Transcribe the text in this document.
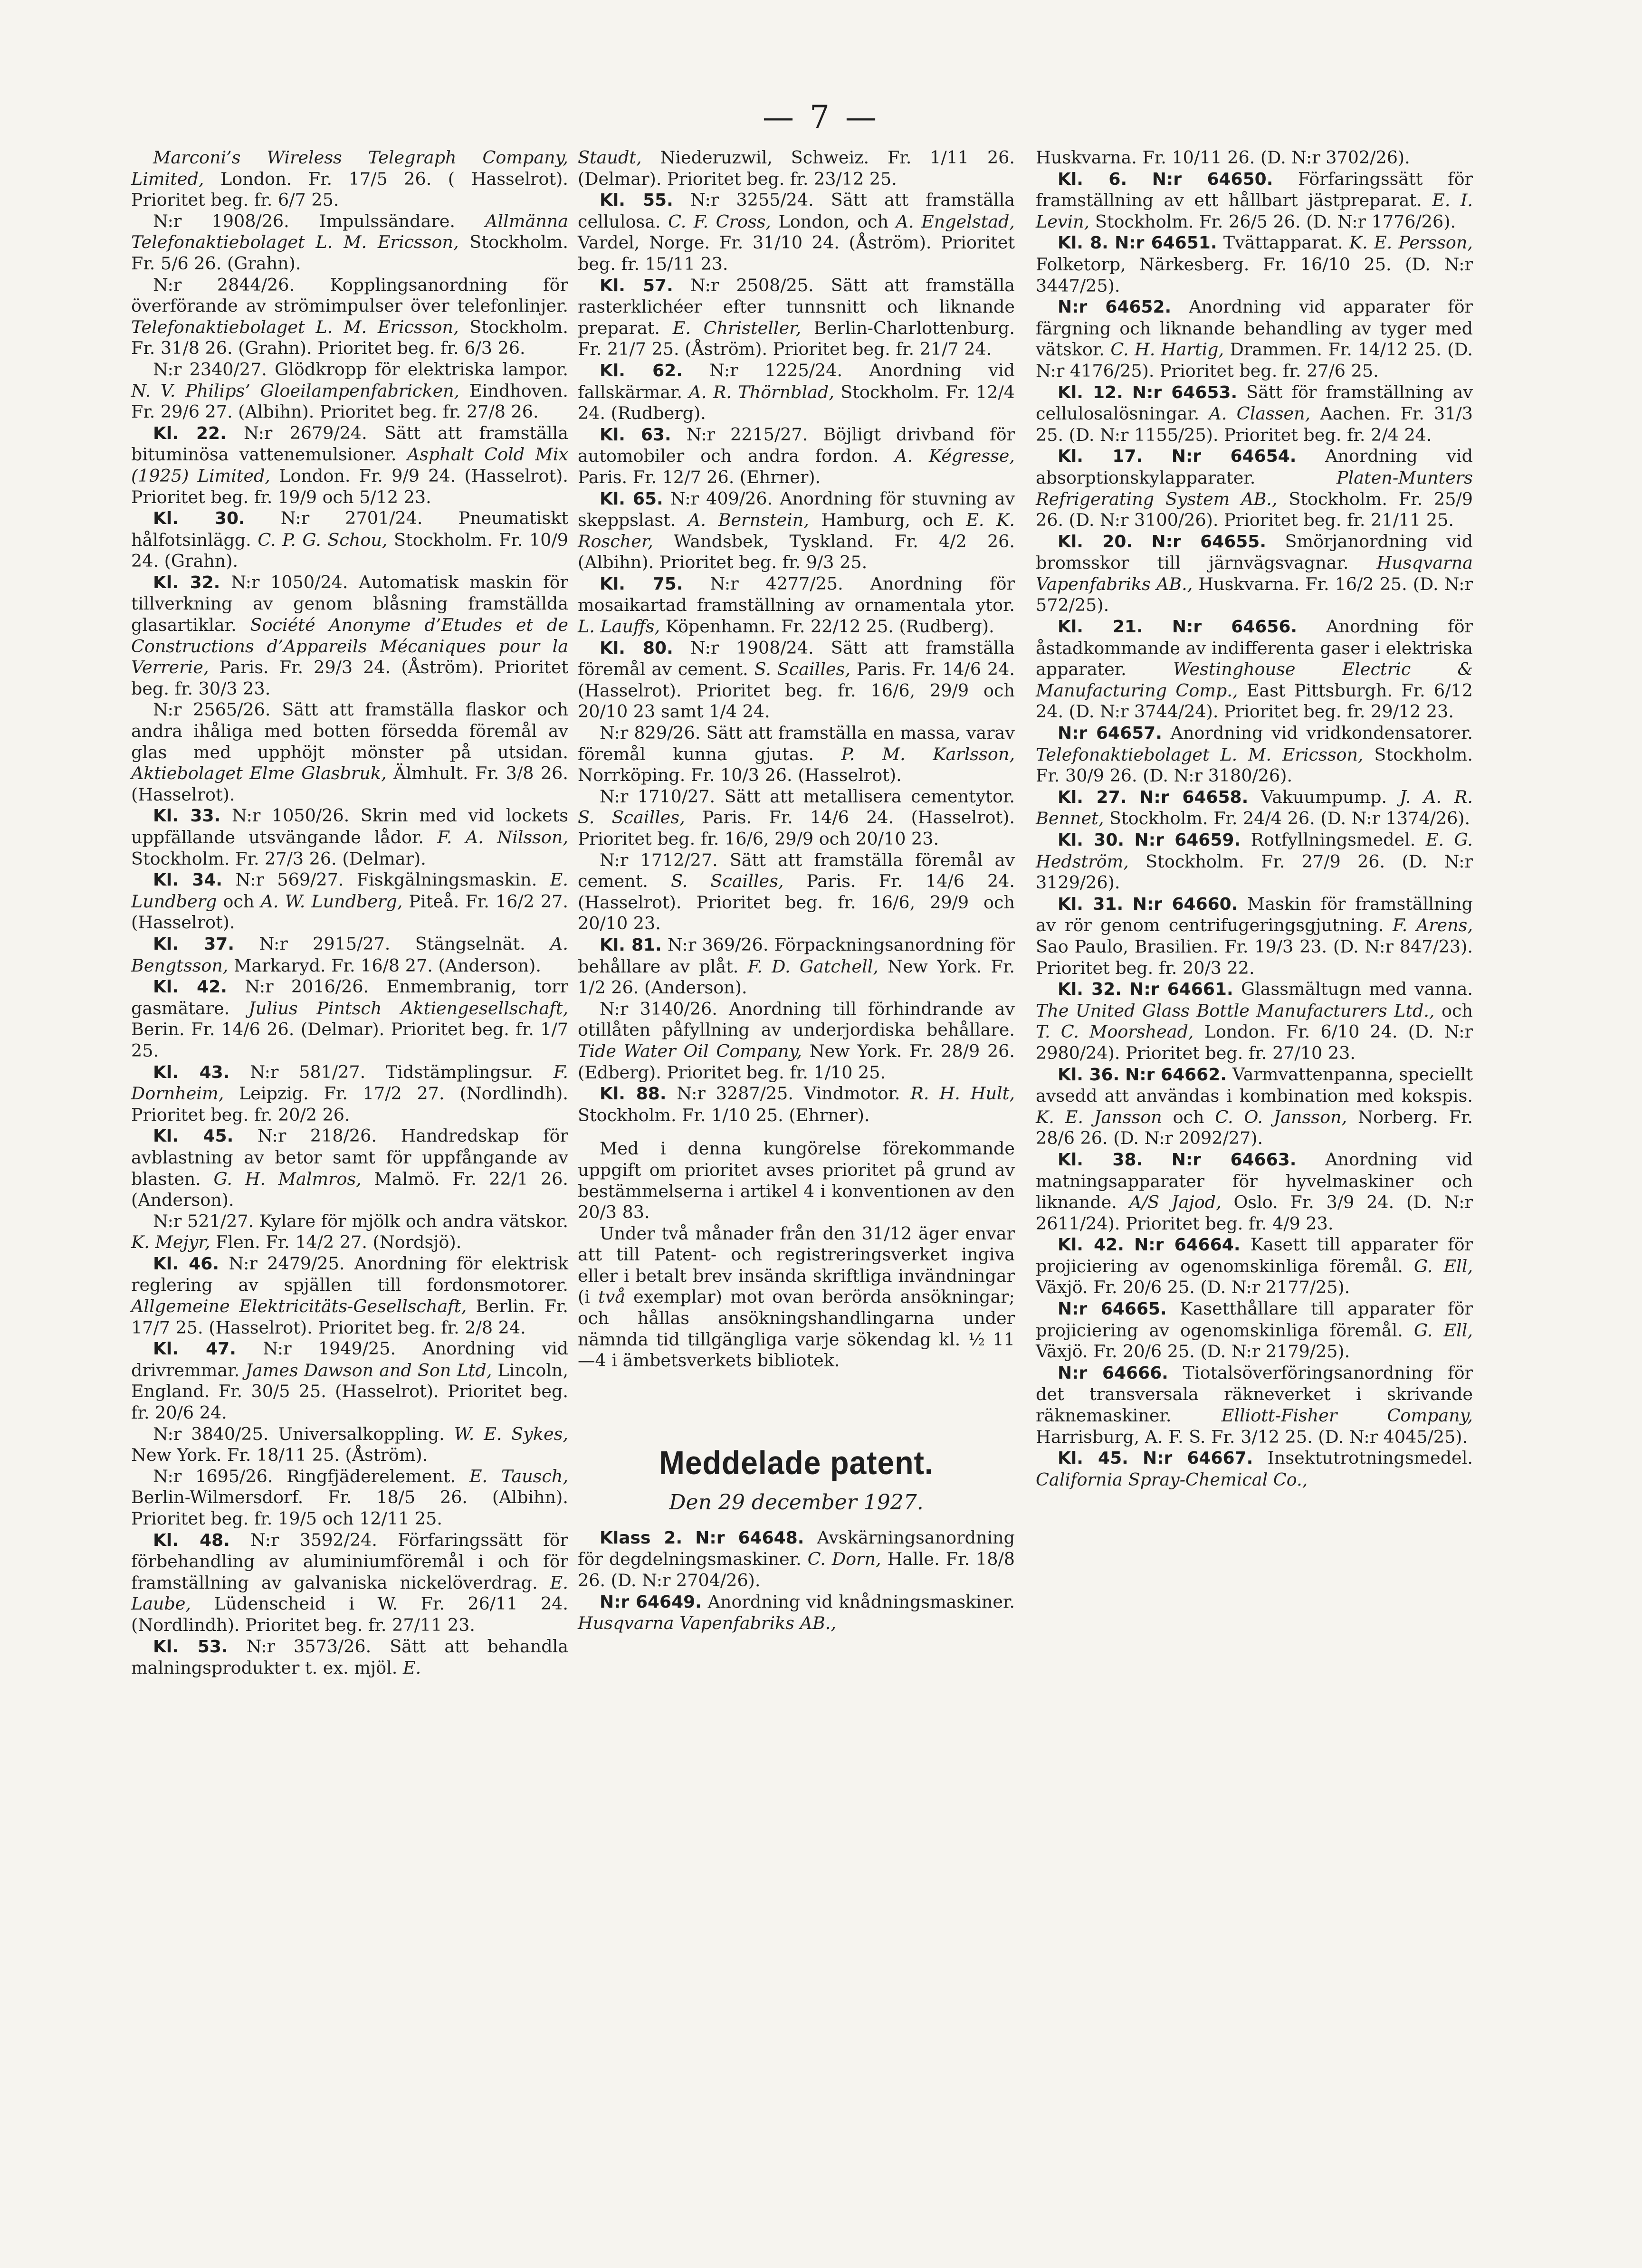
— 7 —

Marconi’s Wireless Telegraph Company, Limited, London. Fr. 17/5 26. ( Hasselrot). Prioritet beg. fr. 6/7 25.

N:r 1908/26. Impulssändare. Allmänna Telefonaktiebolaget L. M. Ericsson, Stockholm. Fr. 5/6 26. (Grahn).

N:r 2844/26. Kopplingsanordning för överförande av strömimpulser över telefonlinjer. Telefonaktiebolaget L. M. Ericsson, Stockholm. Fr. 31/8 26. (Grahn). Prioritet beg. fr. 6/3 26.

N:r 2340/27. Glödkropp för elektriska lampor. N. V. Philips’ Gloeilampenfabricken, Eindhoven. Fr. 29/6 27. (Albihn). Prioritet beg. fr. 27/8 26.

Kl. 22. N:r 2679/24. Sätt att framställa bituminösa vattenemulsioner. Asphalt Cold Mix (1925) Limited, London. Fr. 9/9 24. (Hasselrot). Prioritet beg. fr. 19/9 och 5/12 23.

Kl. 30. N:r 2701/24. Pneumatiskt hålfotsinlägg. C. P. G. Schou, Stockholm. Fr. 10/9 24. (Grahn).

Kl. 32. N:r 1050/24. Automatisk maskin för tillverkning av genom blåsning framställda glasartiklar. Société Anonyme d’Etudes et de Constructions d’Appareils Mécaniques pour la Verrerie, Paris. Fr. 29/3 24. (Åström). Prioritet beg. fr. 30/3 23.

N:r 2565/26. Sätt att framställa flaskor och andra ihåliga med botten försedda föremål av glas med upphöjt mönster på utsidan. Aktiebolaget Elme Glasbruk, Älmhult. Fr. 3/8 26. (Hasselrot).

Kl. 33. N:r 1050/26. Skrin med vid lockets uppfällande utsvängande lådor. F. A. Nilsson, Stockholm. Fr. 27/3 26. (Delmar).

Kl. 34. N:r 569/27. Fiskgälningsmaskin. E. Lundberg och A. W. Lundberg, Piteå. Fr. 16/2 27. (Hasselrot).

Kl. 37. N:r 2915/27. Stängselnät. A. Bengtsson, Markaryd. Fr. 16/8 27. (Anderson).

Kl. 42. N:r 2016/26. Enmembranig, torr gasmätare. Julius Pintsch Aktiengesellschaft, Berin. Fr. 14/6 26. (Delmar). Prioritet beg. fr. 1/7 25.

Kl. 43. N:r 581/27. Tidstämplingsur. F. Dornheim, Leipzig. Fr. 17/2 27. (Nordlindh). Prioritet beg. fr. 20/2 26.

Kl. 45. N:r 218/26. Handredskap för avblastning av betor samt för uppfångande av blasten. G. H. Malmros, Malmö. Fr. 22/1 26. (Anderson).

N:r 521/27. Kylare för mjölk och andra vätskor. K. Mejyr, Flen. Fr. 14/2 27. (Nordsjö).

Kl. 46. N:r 2479/25. Anordning för elektrisk reglering av spjällen till fordonsmotorer. Allgemeine Elektricitäts-Gesellschaft, Berlin. Fr. 17/7 25. (Hasselrot). Prioritet beg. fr. 2/8 24.

Kl. 47. N:r 1949/25. Anordning vid drivremmar. James Dawson and Son Ltd, Lincoln, England. Fr. 30/5 25. (Hasselrot). Prioritet beg. fr. 20/6 24.

N:r 3840/25. Universalkoppling. W. E. Sykes, New York. Fr. 18/11 25. (Åström).

N:r 1695/26. Ringfjäderelement. E. Tausch, Berlin-Wilmersdorf. Fr. 18/5 26. (Albihn). Prioritet beg. fr. 19/5 och 12/11 25.

Kl. 48. N:r 3592/24. Förfaringssätt för förbehandling av aluminiumföremål i och för framställning av galvaniska nickelöverdrag. E. Laube, Lüdenscheid i W. Fr. 26/11 24. (Nordlindh). Prioritet beg. fr. 27/11 23.

Kl. 53. N:r 3573/26. Sätt att behandla malningsprodukter t. ex. mjöl. E.

Staudt, Niederuzwil, Schweiz. Fr. 1/11 26. (Delmar). Prioritet beg. fr. 23/12 25.

Kl. 55. N:r 3255/24. Sätt att framställa cellulosa. C. F. Cross, London, och A. Engelstad, Vardel, Norge. Fr. 31/10 24. (Åström). Prioritet beg. fr. 15/11 23.

Kl. 57. N:r 2508/25. Sätt att framställa rasterklichéer efter tunnsnitt och liknande preparat. E. Christeller, Berlin-Charlottenburg. Fr. 21/7 25. (Åström). Prioritet beg. fr. 21/7 24.

Kl. 62. N:r 1225/24. Anordning vid fallskärmar. A. R. Thörnblad, Stockholm. Fr. 12/4 24. (Rudberg).

Kl. 63. N:r 2215/27. Böjligt drivband för automobiler och andra fordon. A. Kégresse, Paris. Fr. 12/7 26. (Ehrner).

Kl. 65. N:r 409/26. Anordning för stuvning av skeppslast. A. Bernstein, Hamburg, och E. K. Roscher, Wandsbek, Tyskland. Fr. 4/2 26. (Albihn). Prioritet beg. fr. 9/3 25.

Kl. 75. N:r 4277/25. Anordning för mosaikartad framställning av ornamentala ytor. L. Lauffs, Köpenhamn. Fr. 22/12 25. (Rudberg).

Kl. 80. N:r 1908/24. Sätt att framställa föremål av cement. S. Scailles, Paris. Fr. 14/6 24. (Hasselrot). Prioritet beg. fr. 16/6, 29/9 och 20/10 23 samt 1/4 24.

N:r 829/26. Sätt att framställa en massa, varav föremål kunna gjutas. P. M. Karlsson, Norrköping. Fr. 10/3 26. (Hasselrot).

N:r 1710/27. Sätt att metallisera cementytor. S. Scailles, Paris. Fr. 14/6 24. (Hasselrot). Prioritet beg. fr. 16/6, 29/9 och 20/10 23.

N:r 1712/27. Sätt att framställa föremål av cement. S. Scailles, Paris. Fr. 14/6 24. (Hasselrot). Prioritet beg. fr. 16/6, 29/9 och 20/10 23.

Kl. 81. N:r 369/26. Förpackningsanordning för behållare av plåt. F. D. Gatchell, New York. Fr. 1/2 26. (Anderson).

N:r 3140/26. Anordning till förhindrande av otillåten påfyllning av underjordiska behållare. Tide Water Oil Company, New York. Fr. 28/9 26. (Edberg). Prioritet beg. fr. 1/10 25.

Kl. 88. N:r 3287/25. Vindmotor. R. H. Hult, Stockholm. Fr. 1/10 25. (Ehrner).

Med i denna kungörelse förekommande uppgift om prioritet avses prioritet på grund av bestämmelserna i artikel 4 i konventionen av den 20/3 83.

Under två månader från den 31/12 äger envar att till Patent- och registreringsverket ingiva eller i betalt brev insända skriftliga invändningar (i två exemplar) mot ovan berörda ansökningar; och hållas ansökningshandlingarna under nämnda tid tillgängliga varje sökendag kl. ½ 11 —4 i ämbetsverkets bibliotek.

Meddelade patent.
Den 29 december 1927.

Klass 2. N:r 64648. Avskärningsanordning för degdelningsmaskiner. C. Dorn, Halle. Fr. 18/8 26. (D. N:r 2704/26).

N:r 64649. Anordning vid knådningsmaskiner. Husqvarna Vapenfabriks AB.,

Huskvarna. Fr. 10/11 26. (D. N:r 3702/26).

Kl. 6. N:r 64650. Förfaringssätt för framställning av ett hållbart jästpreparat. E. I. Levin, Stockholm. Fr. 26/5 26. (D. N:r 1776/26).

Kl. 8. N:r 64651. Tvättapparat. K. E. Persson, Folketorp, Närkesberg. Fr. 16/10 25. (D. N:r 3447/25).

N:r 64652. Anordning vid apparater för färgning och liknande behandling av tyger med vätskor. C. H. Hartig, Drammen. Fr. 14/12 25. (D. N:r 4176/25). Prioritet beg. fr. 27/6 25.

Kl. 12. N:r 64653. Sätt för framställning av cellulosalösningar. A. Classen, Aachen. Fr. 31/3 25. (D. N:r 1155/25). Prioritet beg. fr. 2/4 24.

Kl. 17. N:r 64654. Anordning vid absorptionskylapparater. Platen-Munters Refrigerating System AB., Stockholm. Fr. 25/9 26. (D. N:r 3100/26). Prioritet beg. fr. 21/11 25.

Kl. 20. N:r 64655. Smörjanordning vid bromsskor till järnvägsvagnar. Husqvarna Vapenfabriks AB., Huskvarna. Fr. 16/2 25. (D. N:r 572/25).

Kl. 21. N:r 64656. Anordning för åstadkommande av indifferenta gaser i elektriska apparater. Westinghouse Electric & Manufacturing Comp., East Pittsburgh. Fr. 6/12 24. (D. N:r 3744/24). Prioritet beg. fr. 29/12 23.

N:r 64657. Anordning vid vridkondensatorer. Telefonaktiebolaget L. M. Ericsson, Stockholm. Fr. 30/9 26. (D. N:r 3180/26).

Kl. 27. N:r 64658. Vakuumpump. J. A. R. Bennet, Stockholm. Fr. 24/4 26. (D. N:r 1374/26).

Kl. 30. N:r 64659. Rotfyllningsmedel. E. G. Hedström, Stockholm. Fr. 27/9 26. (D. N:r 3129/26).

Kl. 31. N:r 64660. Maskin för framställning av rör genom centrifugeringsgjutning. F. Arens, Sao Paulo, Brasilien. Fr. 19/3 23. (D. N:r 847/23). Prioritet beg. fr. 20/3 22.

Kl. 32. N:r 64661. Glassmältugn med vanna. The United Glass Bottle Manufacturers Ltd., och T. C. Moorshead, London. Fr. 6/10 24. (D. N:r 2980/24). Prioritet beg. fr. 27/10 23.

Kl. 36. N:r 64662. Varmvattenpanna, speciellt avsedd att användas i kombination med kokspis. K. E. Jansson och C. O. Jansson, Norberg. Fr. 28/6 26. (D. N:r 2092/27).

Kl. 38. N:r 64663. Anordning vid matningsapparater för hyvelmaskiner och liknande. A/S Jajod, Oslo. Fr. 3/9 24. (D. N:r 2611/24). Prioritet beg. fr. 4/9 23.

Kl. 42. N:r 64664. Kasett till apparater för projiciering av ogenomskinliga föremål. G. Ell, Växjö. Fr. 20/6 25. (D. N:r 2177/25).

N:r 64665. Kasetthållare till apparater för projiciering av ogenomskinliga föremål. G. Ell, Växjö. Fr. 20/6 25. (D. N:r 2179/25).

N:r 64666. Tiotalsöverföringsanordning för det transversala räkneverket i skrivande räknemaskiner. Elliott-Fisher Company, Harrisburg, A. F. S. Fr. 3/12 25. (D. N:r 4045/25).

Kl. 45. N:r 64667. Insektutrotningsmedel. California Spray-Chemical Co.,
